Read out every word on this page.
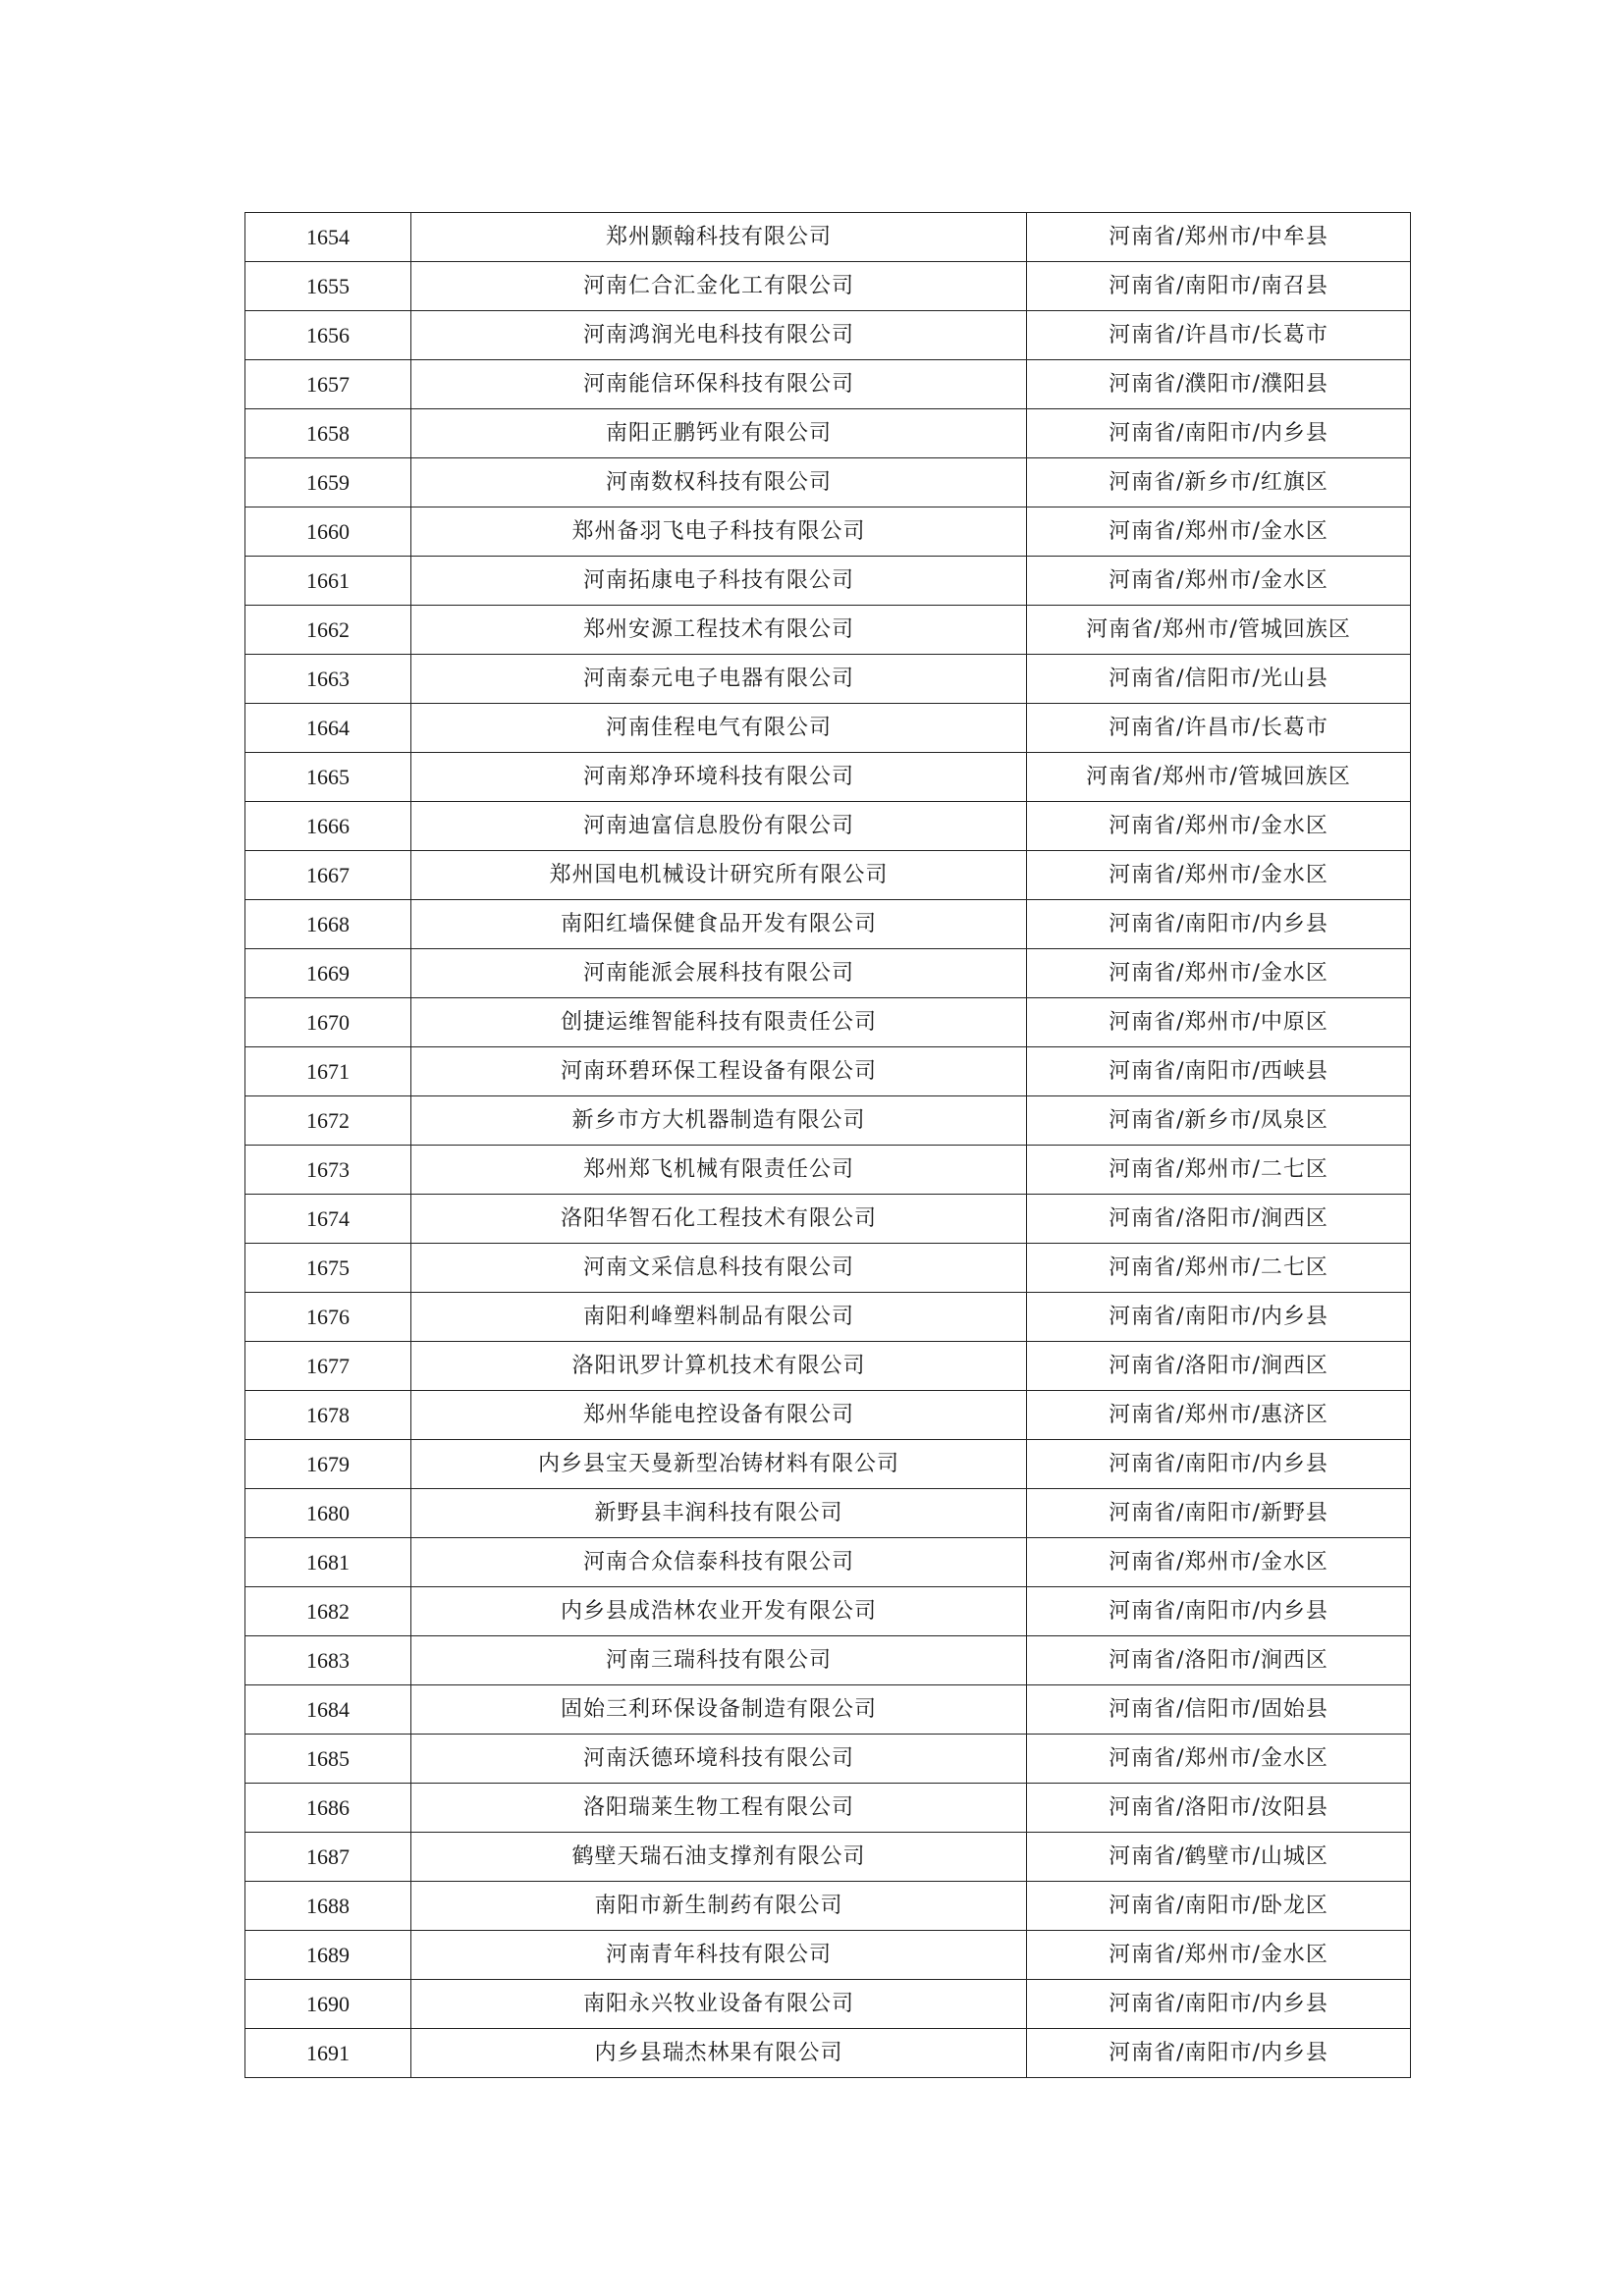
1654	郑州颢翰科技有限公司	河南省/郑州市/中牟县
1655	河南仁合汇金化工有限公司	河南省/南阳市/南召县
1656	河南鸿润光电科技有限公司	河南省/许昌市/长葛市
1657	河南能信环保科技有限公司	河南省/濮阳市/濮阳县
1658	南阳正鹏钙业有限公司	河南省/南阳市/内乡县
1659	河南数权科技有限公司	河南省/新乡市/红旗区
1660	郑州备羽飞电子科技有限公司	河南省/郑州市/金水区
1661	河南拓康电子科技有限公司	河南省/郑州市/金水区
1662	郑州安源工程技术有限公司	河南省/郑州市/管城回族区
1663	河南泰元电子电器有限公司	河南省/信阳市/光山县
1664	河南佳程电气有限公司	河南省/许昌市/长葛市
1665	河南郑净环境科技有限公司	河南省/郑州市/管城回族区
1666	河南迪富信息股份有限公司	河南省/郑州市/金水区
1667	郑州国电机械设计研究所有限公司	河南省/郑州市/金水区
1668	南阳红墙保健食品开发有限公司	河南省/南阳市/内乡县
1669	河南能派会展科技有限公司	河南省/郑州市/金水区
1670	创捷运维智能科技有限责任公司	河南省/郑州市/中原区
1671	河南环碧环保工程设备有限公司	河南省/南阳市/西峡县
1672	新乡市方大机器制造有限公司	河南省/新乡市/凤泉区
1673	郑州郑飞机械有限责任公司	河南省/郑州市/二七区
1674	洛阳华智石化工程技术有限公司	河南省/洛阳市/涧西区
1675	河南文采信息科技有限公司	河南省/郑州市/二七区
1676	南阳利峰塑料制品有限公司	河南省/南阳市/内乡县
1677	洛阳讯罗计算机技术有限公司	河南省/洛阳市/涧西区
1678	郑州华能电控设备有限公司	河南省/郑州市/惠济区
1679	内乡县宝天曼新型冶铸材料有限公司	河南省/南阳市/内乡县
1680	新野县丰润科技有限公司	河南省/南阳市/新野县
1681	河南合众信泰科技有限公司	河南省/郑州市/金水区
1682	内乡县成浩林农业开发有限公司	河南省/南阳市/内乡县
1683	河南三瑞科技有限公司	河南省/洛阳市/涧西区
1684	固始三利环保设备制造有限公司	河南省/信阳市/固始县
1685	河南沃德环境科技有限公司	河南省/郑州市/金水区
1686	洛阳瑞莱生物工程有限公司	河南省/洛阳市/汝阳县
1687	鹤壁天瑞石油支撑剂有限公司	河南省/鹤壁市/山城区
1688	南阳市新生制药有限公司	河南省/南阳市/卧龙区
1689	河南青年科技有限公司	河南省/郑州市/金水区
1690	南阳永兴牧业设备有限公司	河南省/南阳市/内乡县
1691	内乡县瑞杰林果有限公司	河南省/南阳市/内乡县
